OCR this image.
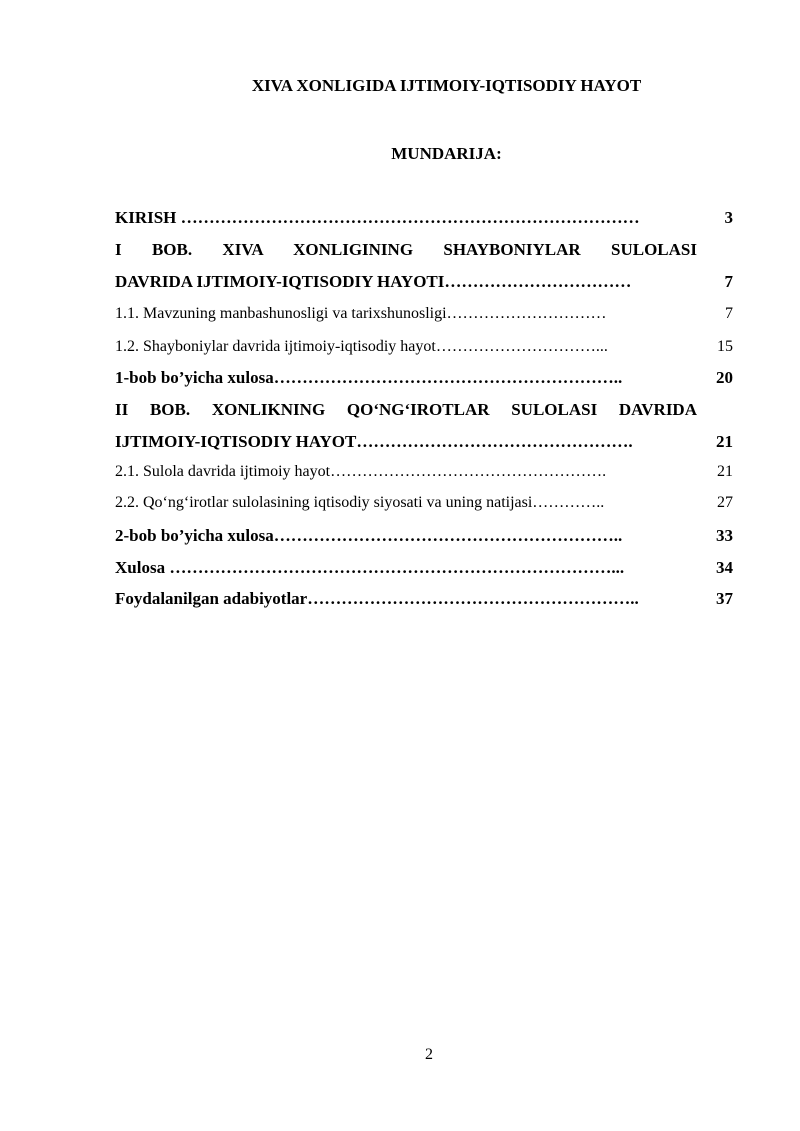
XIVA XONLIGIDA IJTIMOIY-IQTISODIY HAYOT
MUNDARIJA:
KIRISH ………………………………………………………………………	3
I BOB. XIVA XONLIGINING SHAYBONIYLAR SULOLASI
DAVRIDA IJTIMOIY-IQTISODIY HAYOTI……………………………	7
1.1. Mavzuning manbashunosligi va tarixshunosligi…………………………	7
1.2. Shayboniylar davrida ijtimoiy-iqtisodiy hayot…………………………...	15
1-bob bo’yicha xulosa……………………………………………………..	20
II BOB. XONLIKNING QO‘NG‘IROTLAR SULOLASI DAVRIDA
IJTIMOIY-IQTISODIY HAYOT………………………………………….	21
2.1. Sulola davrida ijtimoiy hayot…………………………………………….	21
2.2. Qo‘ng‘irotlar sulolasining iqtisodiy siyosati va uning natijasi…………..	27
2-bob bo’yicha xulosa……………………………………………………..	33
Xulosa ……………………………………………………………………...	34
Foydalanilgan adabiyotlar…………………………………………………..	37
2
